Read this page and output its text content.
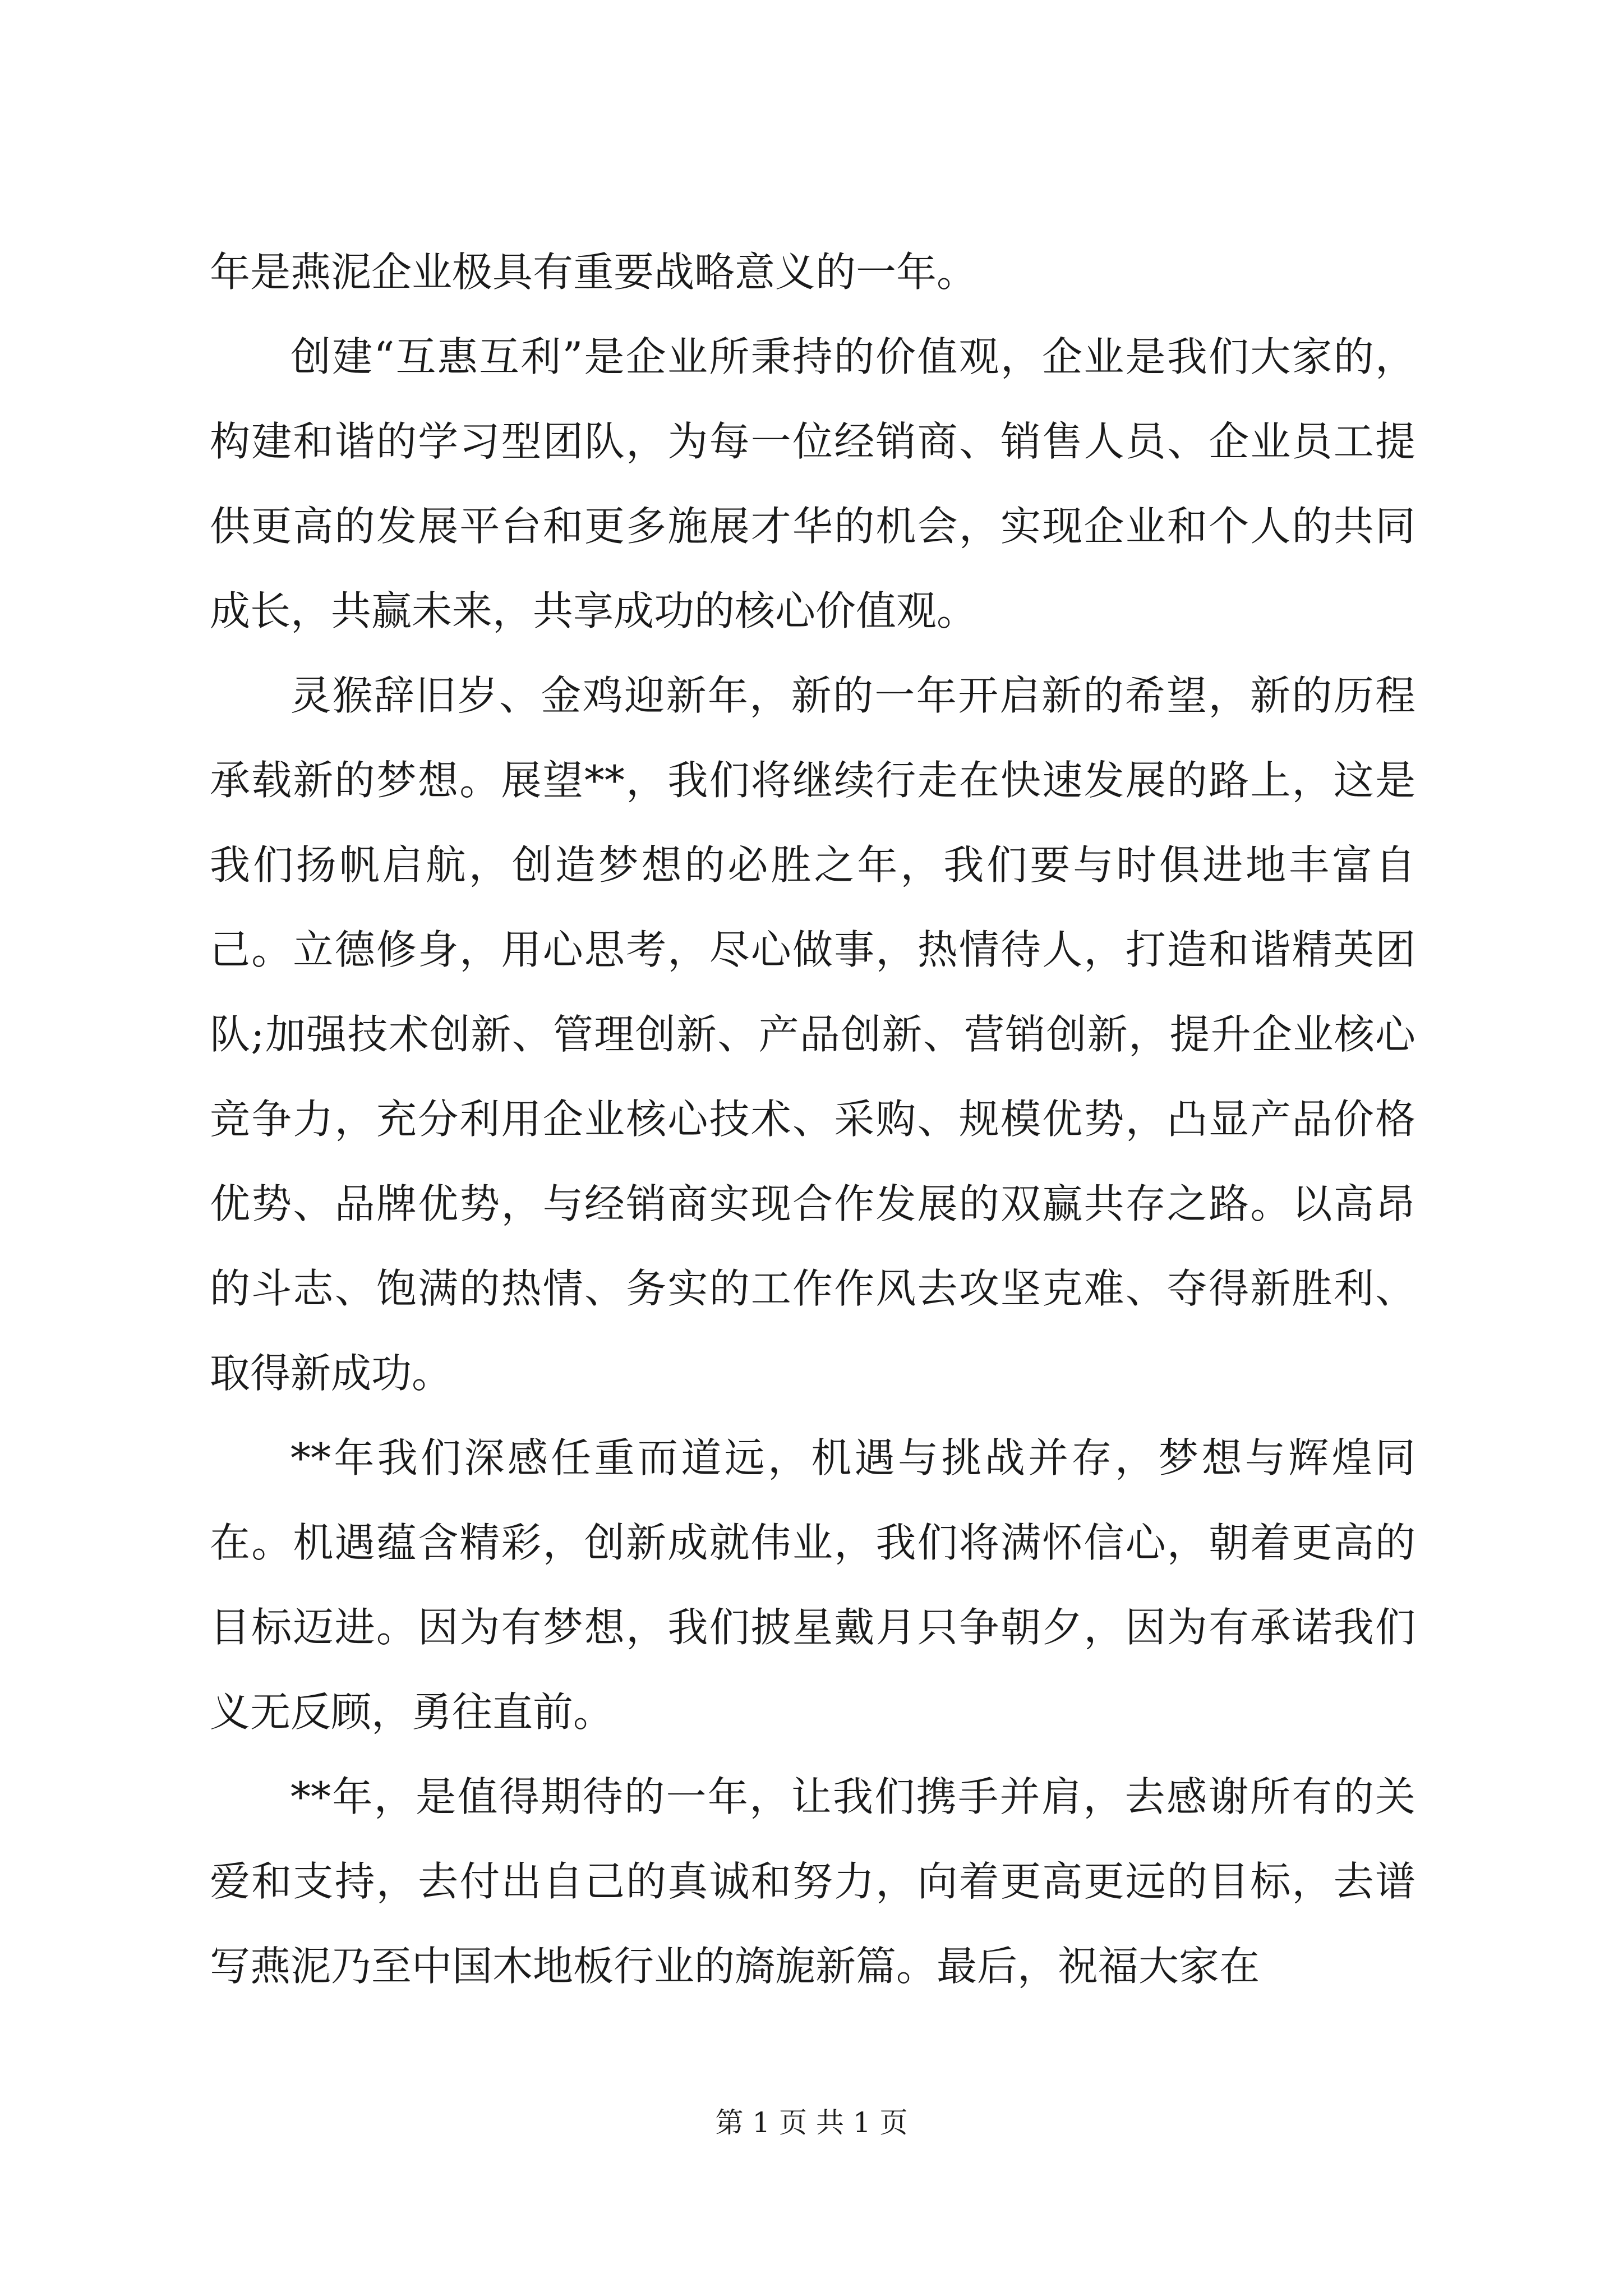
年是燕泥企业极具有重要战略意义的一年。

创建“互惠互利”是企业所秉持的价值观，企业是我们大家的，构建和谐的学习型团队，为每一位经销商、销售人员、企业员工提供更高的发展平台和更多施展才华的机会，实现企业和个人的共同成长，共赢未来，共享成功的核心价值观。

灵猴辞旧岁、金鸡迎新年，新的一年开启新的希望，新的历程承载新的梦想。展望**，我们将继续行走在快速发展的路上，这是我们扬帆启航，创造梦想的必胜之年，我们要与时俱进地丰富自己。立德修身，用心思考，尽心做事，热情待人，打造和谐精英团队;加强技术创新、管理创新、产品创新、营销创新，提升企业核心竞争力，充分利用企业核心技术、采购、规模优势，凸显产品价格优势、品牌优势，与经销商实现合作发展的双赢共存之路。以高昂的斗志、饱满的热情、务实的工作作风去攻坚克难、夺得新胜利、取得新成功。

**年我们深感任重而道远，机遇与挑战并存，梦想与辉煌同在。机遇蕴含精彩，创新成就伟业，我们将满怀信心，朝着更高的目标迈进。因为有梦想，我们披星戴月只争朝夕，因为有承诺我们义无反顾，勇往直前。

**年，是值得期待的一年，让我们携手并肩，去感谢所有的关爱和支持，去付出自己的真诚和努力，向着更高更远的目标，去谱写燕泥乃至中国木地板行业的旖旎新篇。最后，祝福大家在

第 1 页 共 1 页
